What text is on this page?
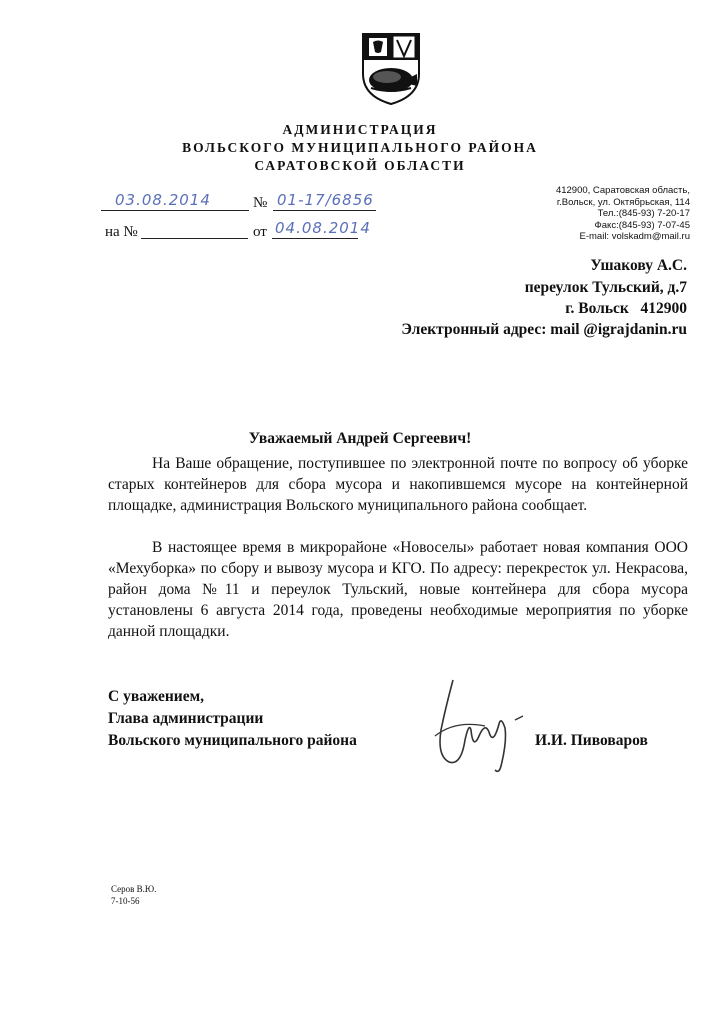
АДМИНИСТРАЦИЯ
ВОЛЬСКОГО МУНИЦИПАЛЬНОГО РАЙОНА
САРАТОВСКОЙ ОБЛАСТИ
03.08.2014	№ 01-17/6856
на №	от 04.08.2014
412900, Саратовская область,
г.Вольск, ул. Октябрьская, 114
Тел.:(845-93) 7-20-17
Факс:(845-93) 7-07-45
E-mail: volskadm@mail.ru
Ушакову А.С.
переулок Тульский, д.7
г. Вольск   412900
Электронный адрес: mail @igrajdanin.ru
Уважаемый Андрей Сергеевич!
На Ваше обращение, поступившее по электронной почте по вопросу об уборке старых контейнеров для сбора мусора и накопившемся мусоре на контейнерной площадке, администрация Вольского муниципального района сообщает.
В настоящее время в микрорайоне «Новоселы» работает новая компания ООО «Мехуборка» по сбору и вывозу мусора и КГО. По адресу: перекресток ул. Некрасова, район дома №11 и переулок Тульский, новые контейнера для сбора мусора установлены 6 августа 2014 года, проведены необходимые мероприятия по уборке данной площадки.
С уважением,
Глава администрации
Вольского муниципального района	И.И. Пивоваров
Серов В.Ю.
7-10-56
